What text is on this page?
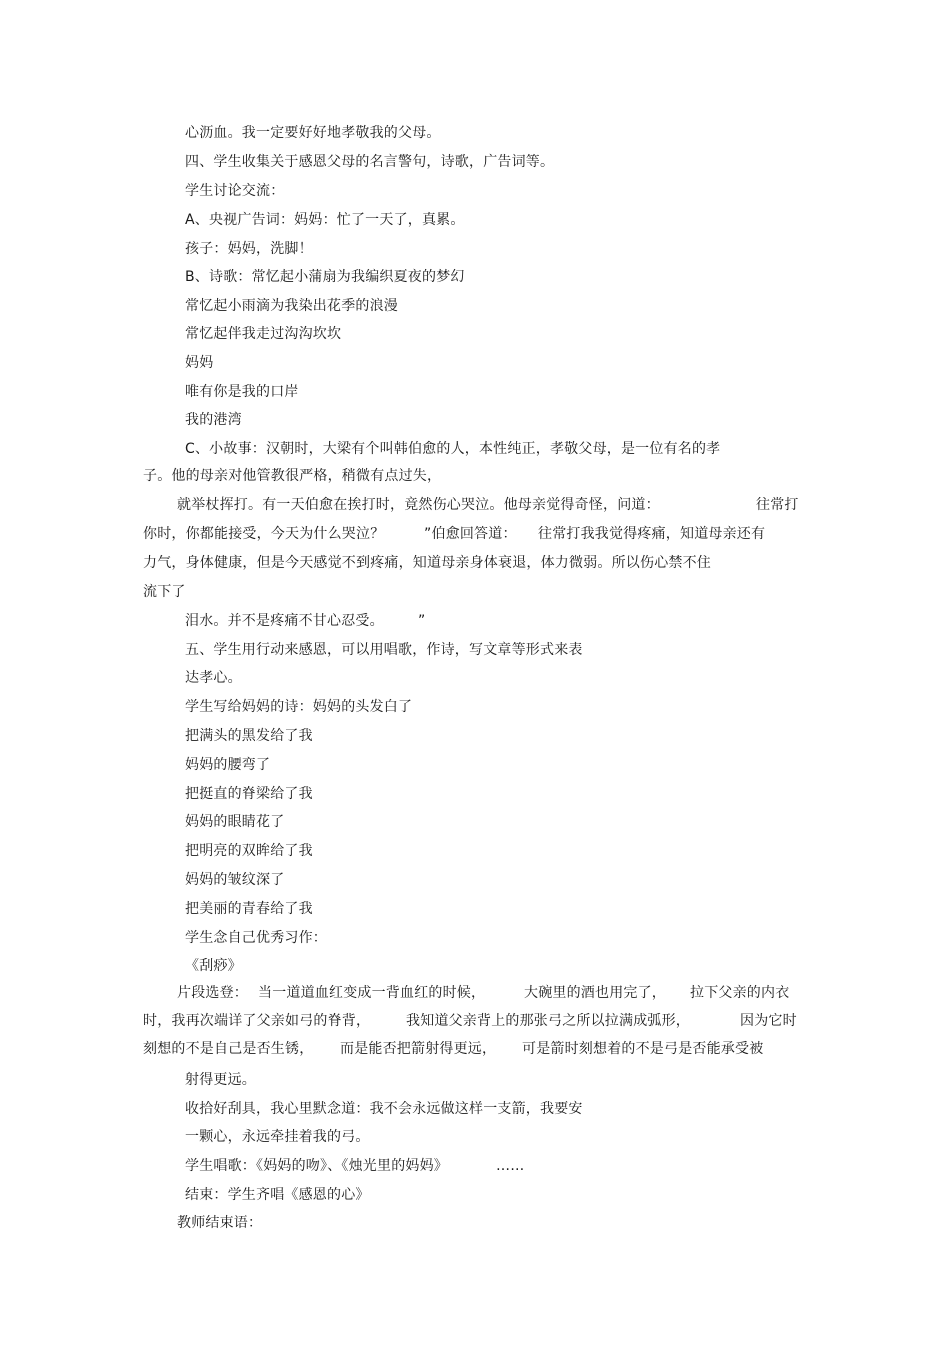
心沥血。我一定要好好地孝敬我的父母。
四、学生收集关于感恩父母的名言警句，诗歌，广告词等。
学生讨论交流：
A、央视广告词：妈妈：忙了一天了，真累。
孩子：妈妈，洗脚！
B、诗歌：常忆起小蒲扇为我编织夏夜的梦幻
常忆起小雨滴为我染出花季的浪漫
常忆起伴我走过沟沟坎坎
妈妈
唯有你是我的口岸
我的港湾
C、小故事：汉朝时，大梁有个叫韩伯愈的人，本性纯正，孝敬父母，是一位有名的孝
子。他的母亲对他管教很严格，稍微有点过失，
就举杖挥打。有一天伯愈在挨打时，竟然伤心哭泣。他母亲觉得奇怪，问道：	往常打
你时，你都能接受，今天为什么哭泣？	”伯愈回答道： 往常打我我觉得疼痛，知道母亲还有
力气，身体健康，但是今天感觉不到疼痛，知道母亲身体衰退，体力微弱。所以伤心禁不住
流下了
泪水。并不是疼痛不甘心忍受。 ”
五、学生用行动来感恩，可以用唱歌，作诗，写文章等形式来表
达孝心。
学生写给妈妈的诗：妈妈的头发白了
把满头的黑发给了我
妈妈的腰弯了
把挺直的脊梁给了我
妈妈的眼睛花了
把明亮的双眸给了我
妈妈的皱纹深了
把美丽的青春给了我
学生念自己优秀习作：
《刮痧》
片段选登： 当一道道血红变成一背血红的时候，	大碗里的酒也用完了， 拉下父亲的内衣
时，我再次端详了父亲如弓的脊背，	我知道父亲背上的那张弓之所以拉满成弧形，	因为它时
刻想的不是自己是否生锈， 而是能否把箭射得更远， 可是箭时刻想着的不是弓是否能承受被
射得更远。
收拾好刮具，我心里默念道：我不会永远做这样一支箭，我要安
一颗心，永远牵挂着我的弓。
学生唱歌：《妈妈的吻》、《烛光里的妈妈》	……
结束：学生齐唱《感恩的心》
教师结束语：
